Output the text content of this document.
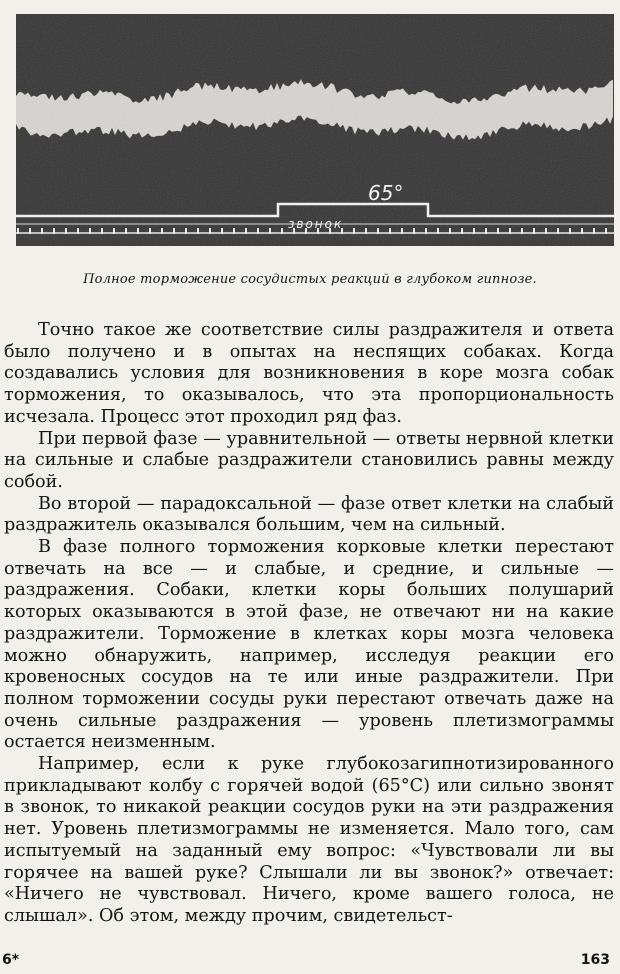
65°
звонок
Полное торможение сосудистых реакций в глубоком гипнозе.

Точно такое же соответствие силы раздражителя и ответа было получено и в опытах на неспящих собаках. Когда создавались условия для возникновения в коре мозга собак торможения, то оказывалось, что эта пропорциональность исчезала. Процесс этот проходил ряд фаз.

При первой фазе — уравнительной — ответы нервной клетки на сильные и слабые раздражители становились равны между собой.

Во второй — парадоксальной — фазе ответ клетки на слабый раздражитель оказывался большим, чем на сильный.

В фазе полного торможения корковые клетки перестают отвечать на все — и слабые, и средние, и сильные — раздражения. Собаки, клетки коры больших полушарий которых оказываются в этой фазе, не отвечают ни на какие раздражители. Торможение в клетках коры мозга человека можно обнаружить, например, исследуя реакции его кровеносных сосудов на те или иные раздражители. При полном торможении сосуды руки перестают отвечать даже на очень сильные раздражения — уровень плетизмограммы остается неизменным.

Например, если к руке глубокозагипнотизированного прикладывают колбу с горячей водой (65°С) или сильно звонят в звонок, то никакой реакции сосудов руки на эти раздражения нет. Уровень плетизмограммы не изменяется. Мало того, сам испытуемый на заданный ему вопрос: «Чувствовали ли вы горячее на вашей руке? Слышали ли вы звонок?» отвечает: «Ничего не чувствовал. Ничего, кроме вашего голоса, не слышал». Об этом, между прочим, свидетельст-

6*	163
